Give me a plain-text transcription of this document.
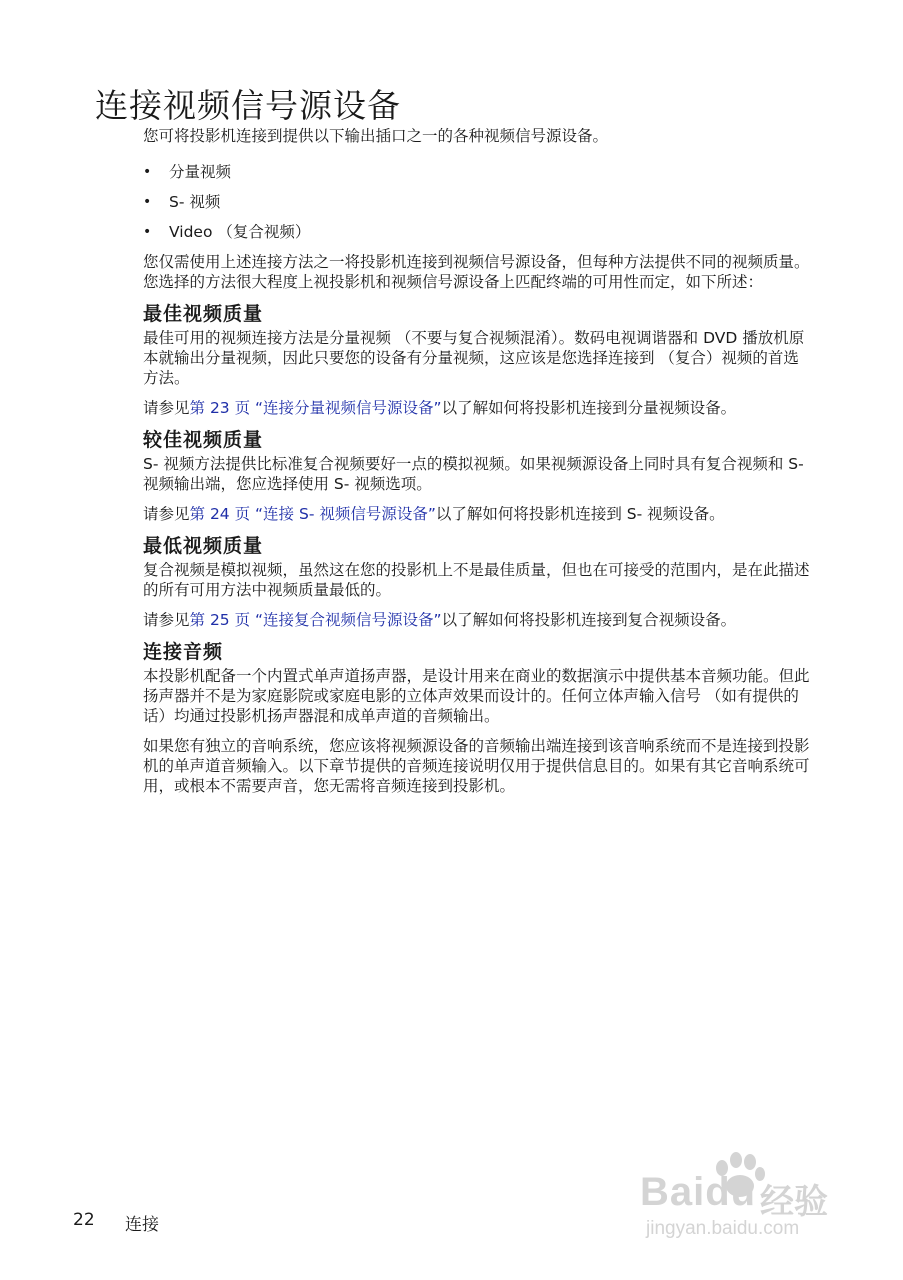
连接视频信号源设备

您可将投影机连接到提供以下输出插口之一的各种视频信号源设备。

• 分量视频
• S- 视频
• Video （复合视频）

您仅需使用上述连接方法之一将投影机连接到视频信号源设备，但每种方法提供不同的视频质量。您选择的方法很大程度上视投影机和视频信号源设备上匹配终端的可用性而定，如下所述：

最佳视频质量

最佳可用的视频连接方法是分量视频 （不要与复合视频混淆）。数码电视调谐器和 DVD 播放机原本就输出分量视频，因此只要您的设备有分量视频，这应该是您选择连接到 （复合）视频的首选方法。

请参见第 23 页 “连接分量视频信号源设备”以了解如何将投影机连接到分量视频设备。

较佳视频质量

S- 视频方法提供比标准复合视频要好一点的模拟视频。如果视频源设备上同时具有复合视频和 S- 视频输出端，您应选择使用 S- 视频选项。

请参见第 24 页 “连接 S- 视频信号源设备”以了解如何将投影机连接到 S- 视频设备。

最低视频质量

复合视频是模拟视频，虽然这在您的投影机上不是最佳质量，但也在可接受的范围内，是在此描述的所有可用方法中视频质量最低的。

请参见第 25 页 “连接复合视频信号源设备”以了解如何将投影机连接到复合视频设备。

连接音频

本投影机配备一个内置式单声道扬声器，是设计用来在商业的数据演示中提供基本音频功能。但此扬声器并不是为家庭影院或家庭电影的立体声效果而设计的。任何立体声输入信号 （如有提供的话）均通过投影机扬声器混和成单声道的音频输出。

如果您有独立的音响系统，您应该将视频源设备的音频输出端连接到该音响系统而不是连接到投影机的单声道音频输入。以下章节提供的音频连接说明仅用于提供信息目的。如果有其它音响系统可用，或根本不需要声音，您无需将音频连接到投影机。

22 连接
Baidu 经验
jingyan.baidu.com
